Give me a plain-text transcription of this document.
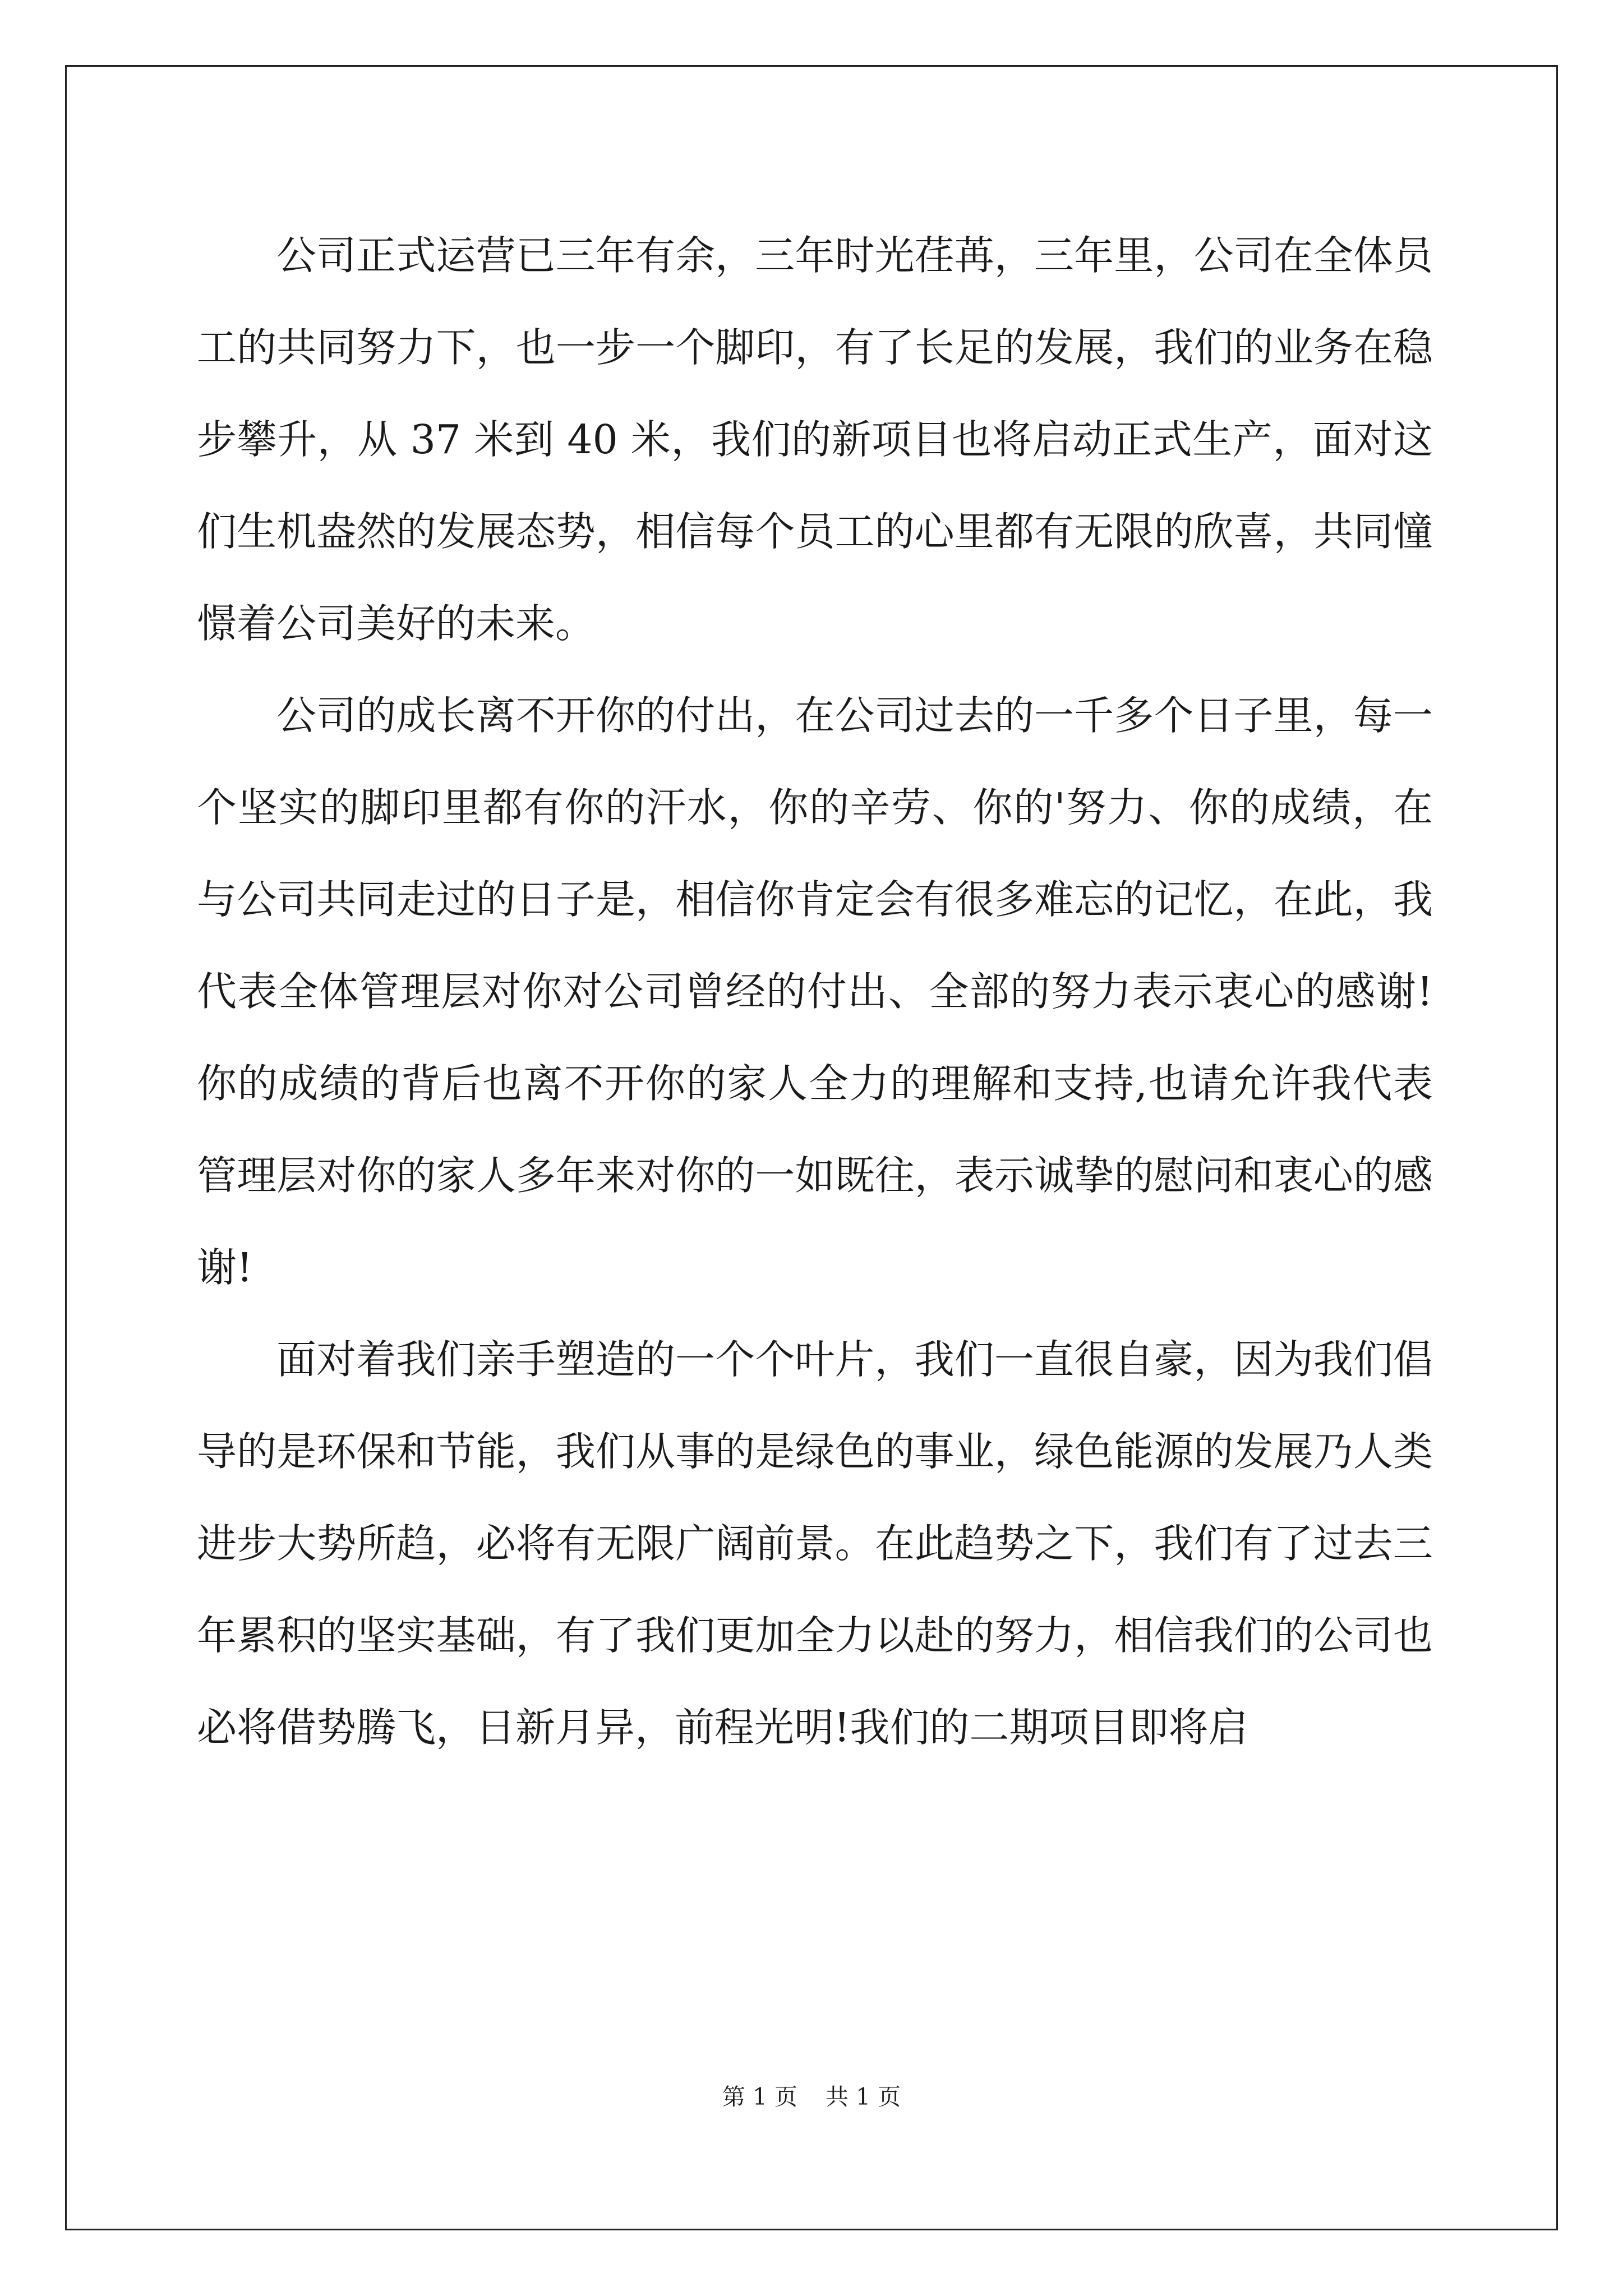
公司正式运营已三年有余，三年时光荏苒，三年里，公司在全体员工的共同努力下，也一步一个脚印，有了长足的发展，我们的业务在稳步攀升，从 37 米到 40 米，我们的新项目也将启动正式生产，面对这们生机盎然的发展态势，相信每个员工的心里都有无限的欣喜，共同憧憬着公司美好的未来。

公司的成长离不开你的付出，在公司过去的一千多个日子里，每一个坚实的脚印里都有你的汗水，你的辛劳、你的'努力、你的成绩，在与公司共同走过的日子是，相信你肯定会有很多难忘的记忆，在此，我代表全体管理层对你对公司曾经的付出、全部的努力表示衷心的感谢!你的成绩的背后也离不开你的家人全力的理解和支持,也请允许我代表管理层对你的家人多年来对你的一如既往，表示诚挚的慰问和衷心的感谢!

面对着我们亲手塑造的一个个叶片，我们一直很自豪，因为我们倡导的是环保和节能，我们从事的是绿色的事业，绿色能源的发展乃人类进步大势所趋，必将有无限广阔前景。在此趋势之下，我们有了过去三年累积的坚实基础，有了我们更加全力以赴的努力，相信我们的公司也必将借势腾飞，日新月异，前程光明!我们的二期项目即将启

第 1 页 共 1 页
